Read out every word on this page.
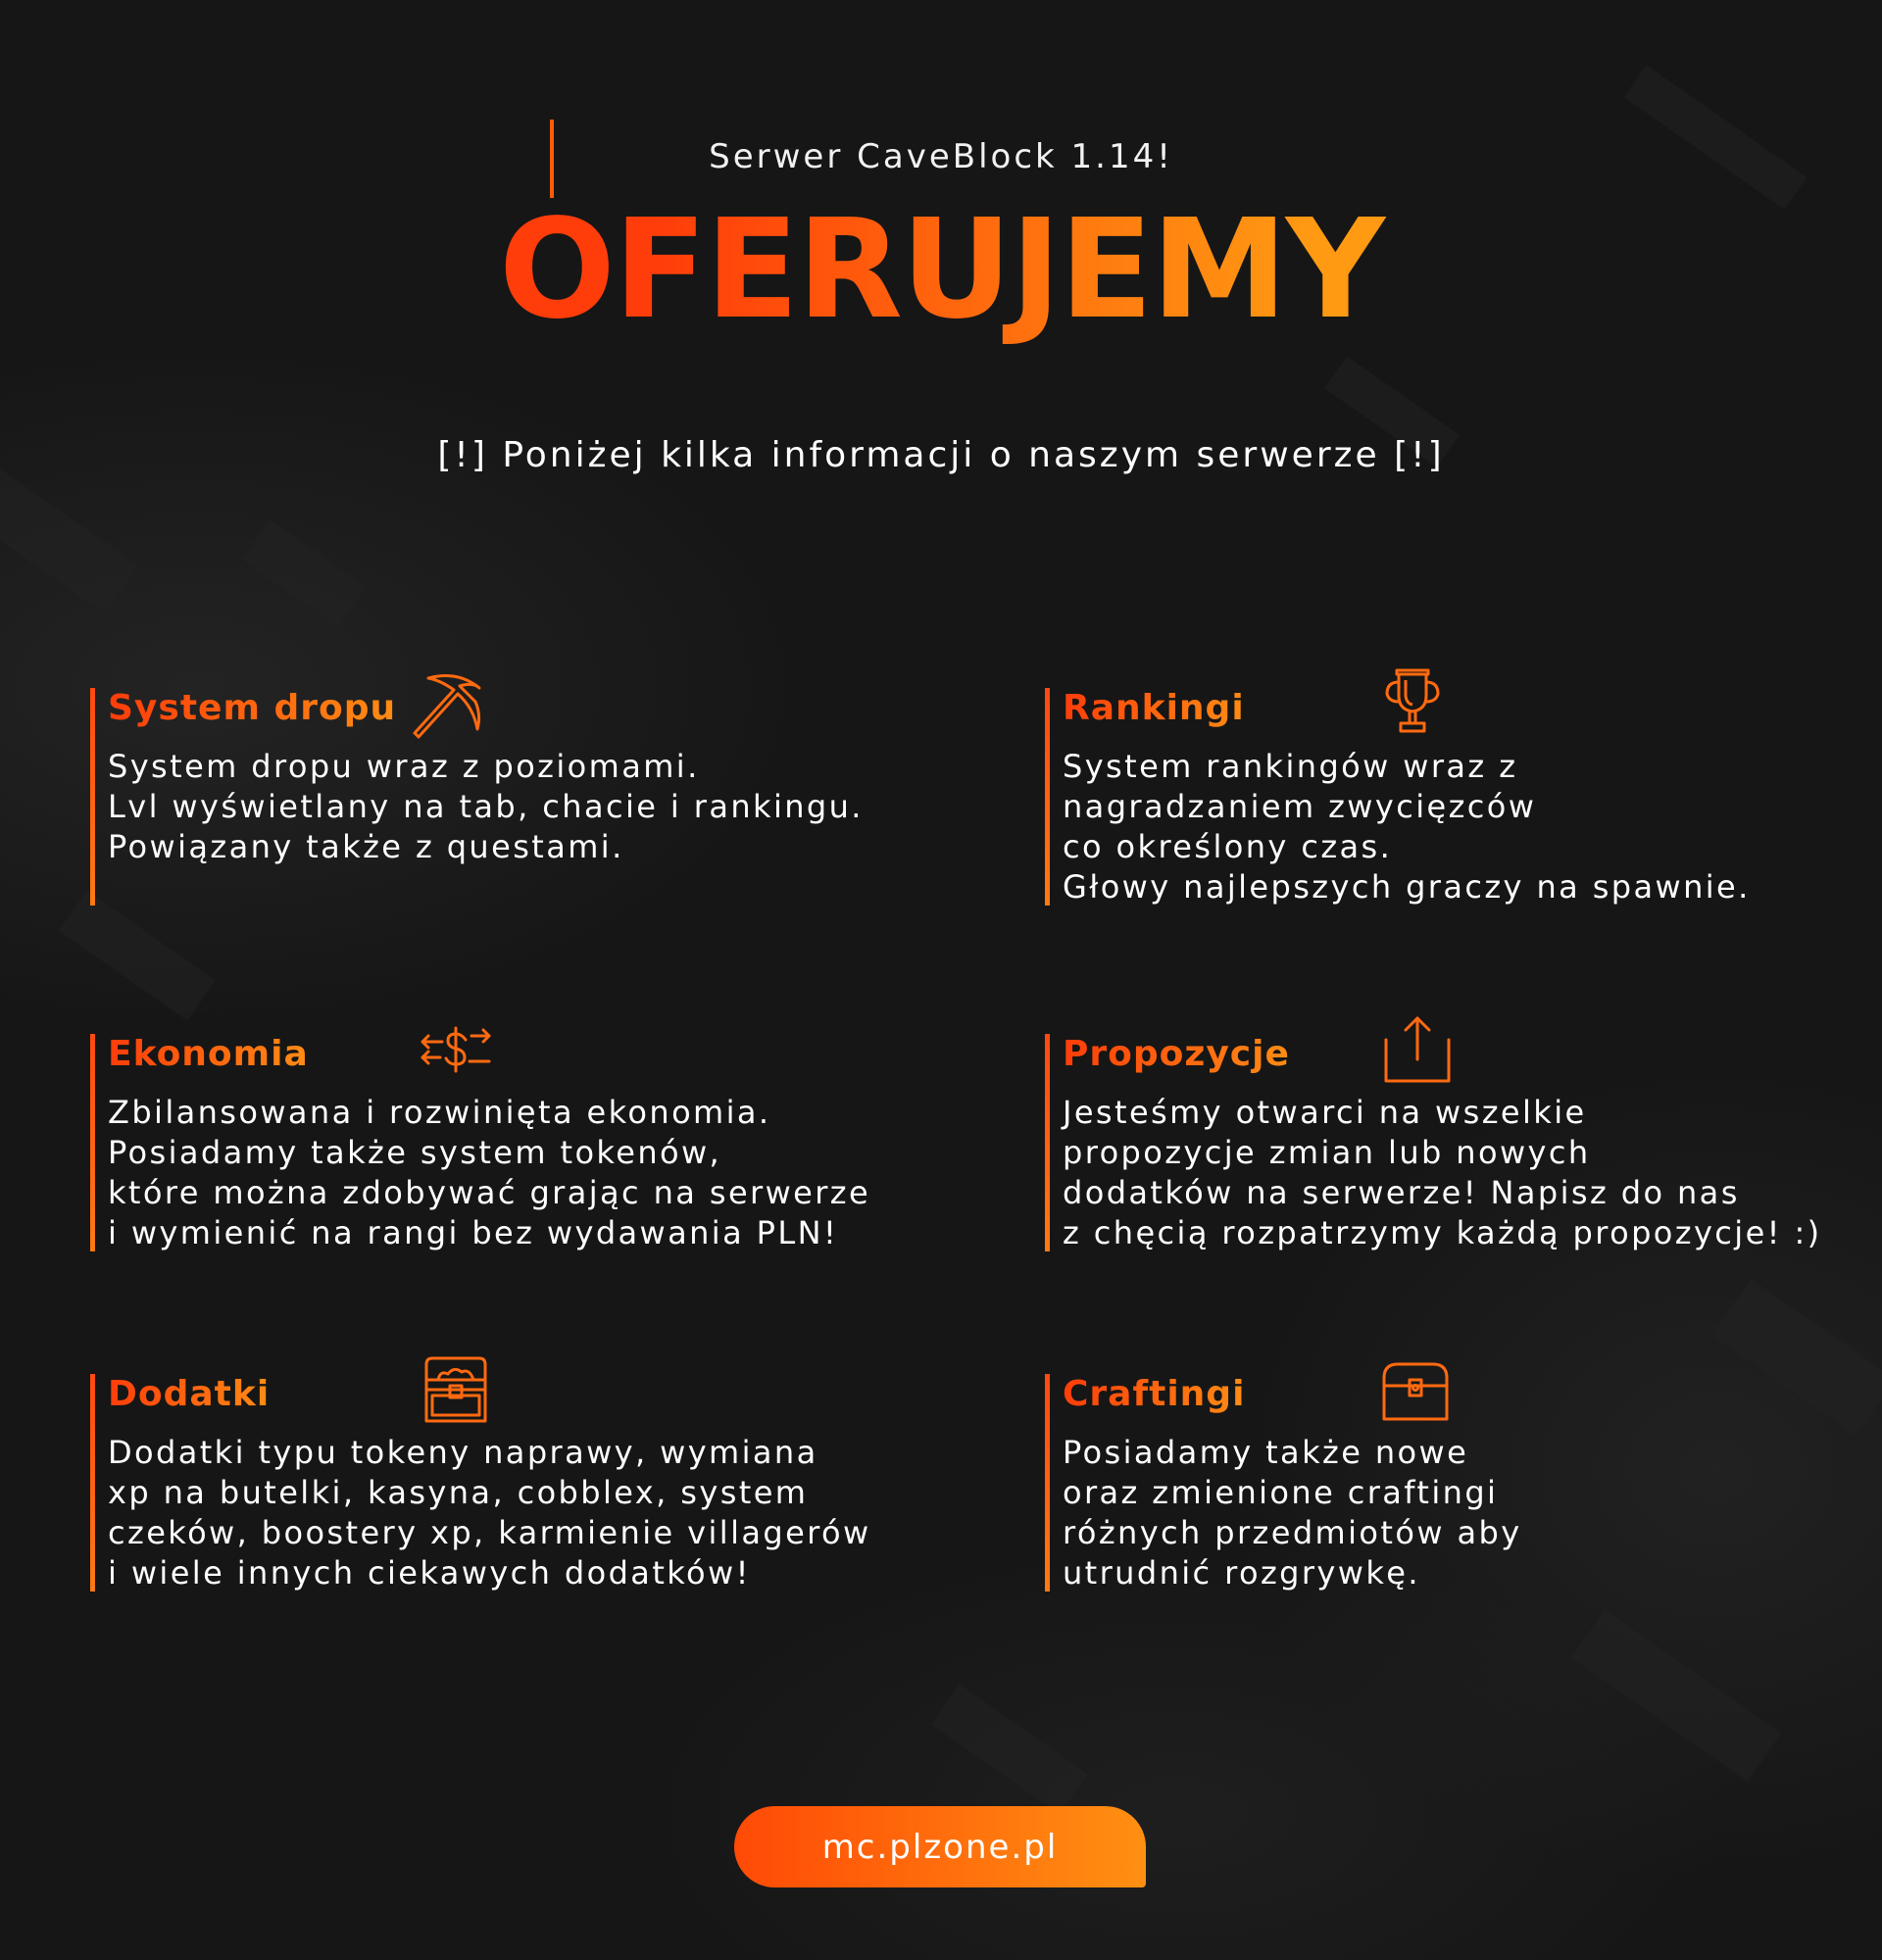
Serwer CaveBlock 1.14!
OFERUJEMY
[!] Poniżej kilka informacji o naszym serwerze [!]
System dropu
System dropu wraz z poziomami.
Lvl wyświetlany na tab, chacie i rankingu.
Powiązany także z questami.
Rankingi
System rankingów wraz z
nagradzaniem zwycięzców
co określony czas.
Głowy najlepszych graczy na spawnie.
Ekonomia
Zbilansowana i rozwinięta ekonomia.
Posiadamy także system tokenów,
które można zdobywać grając na serwerze
i wymienić na rangi bez wydawania PLN!
Propozycje
Jesteśmy otwarci na wszelkie
propozycje zmian lub nowych
dodatków na serwerze! Napisz do nas
z chęcią rozpatrzymy każdą propozycje! :)
Dodatki
Dodatki typu tokeny naprawy, wymiana
xp na butelki, kasyna, cobblex, system
czeków, boostery xp, karmienie villagerów
i wiele innych ciekawych dodatków!
Craftingi
Posiadamy także nowe
oraz zmienione craftingi
różnych przedmiotów aby
utrudnić rozgrywkę.
mc.plzone.pl
